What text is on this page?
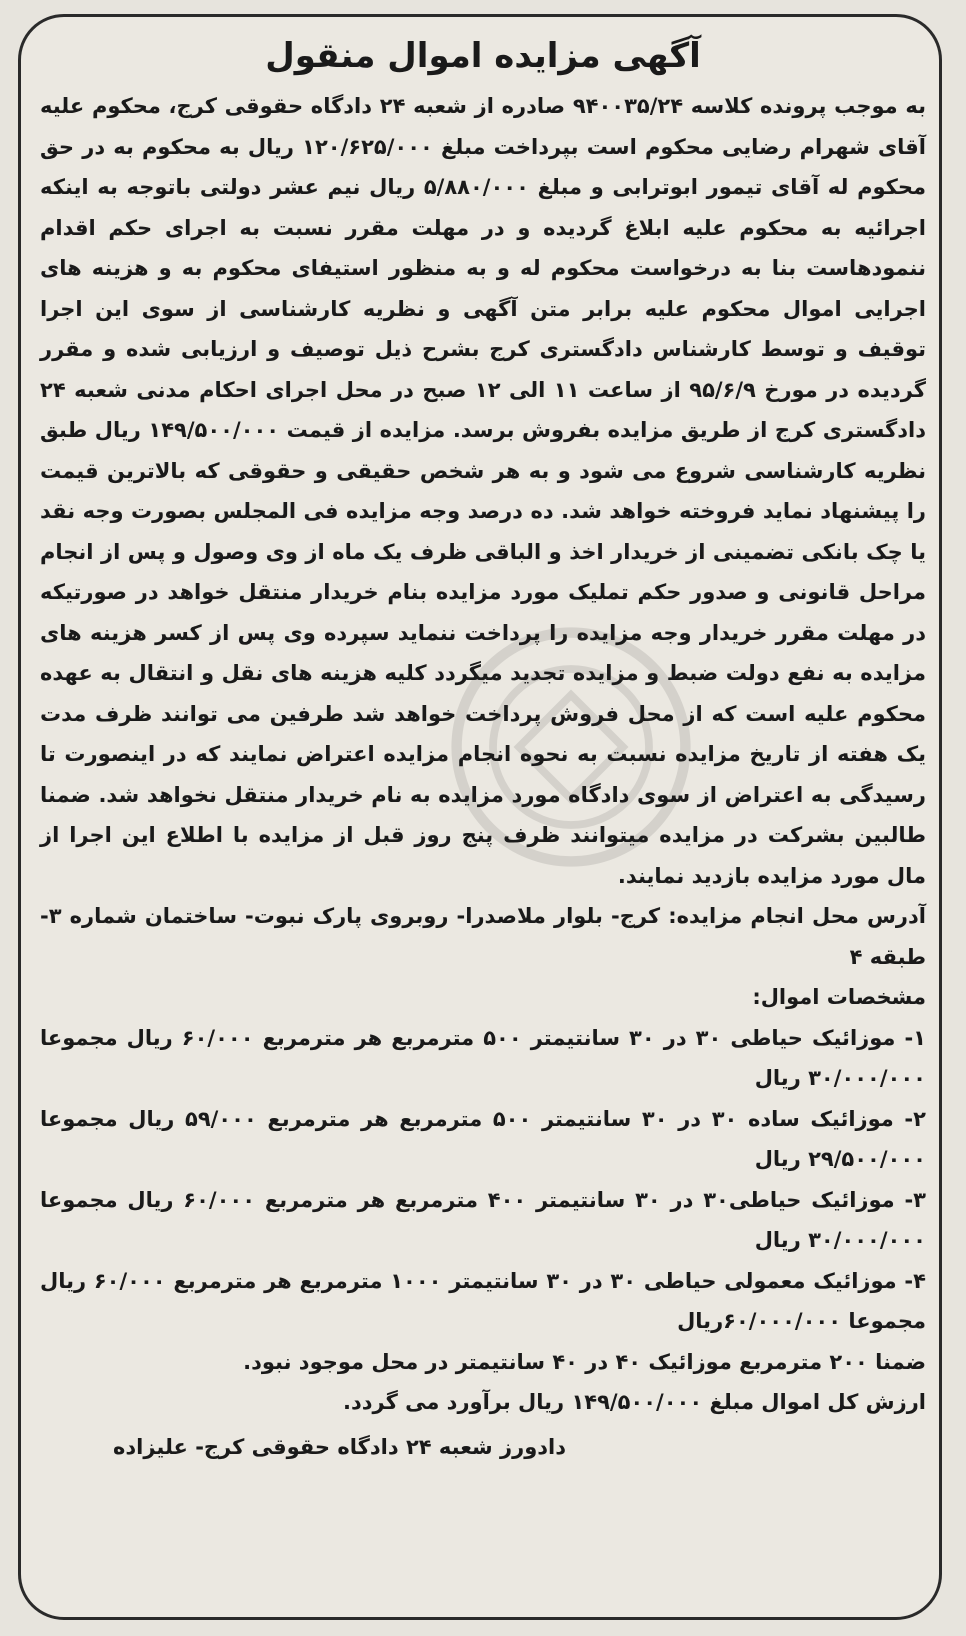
آگهی مزایده اموال منقول

به موجب پرونده کلاسه ۹۴۰۰۳۵/۲۴ صادره از شعبه ۲۴ دادگاه حقوقی کرج، محکوم علیه آقای شهرام رضایی محکوم است بپرداخت مبلغ ۱۲۰/۶۲۵/۰۰۰ ریال به محکوم به در حق محکوم له آقای تیمور ابوترابی و مبلغ ۵/۸۸۰/۰۰۰ ریال نیم عشر دولتی باتوجه به اینکه اجرائیه به محکوم علیه ابلاغ گردیده و در مهلت مقرر نسبت به اجرای حکم اقدام ننمودهاست بنا به درخواست محکوم له و به منظور استیفای محکوم به و هزینه های اجرایی اموال محکوم علیه برابر متن آگهی و نظریه کارشناسی از سوی این اجرا توقیف و توسط کارشناس دادگستری کرج بشرح ذیل توصیف و ارزیابی شده و مقرر گردیده در مورخ ۹۵/۶/۹ از ساعت ۱۱ الی ۱۲ صبح در محل اجرای احکام مدنی شعبه ۲۴ دادگستری کرج از طریق مزایده بفروش برسد. مزایده از قیمت ۱۴۹/۵۰۰/۰۰۰ ریال طبق نظریه کارشناسی شروع می شود و به هر شخص حقیقی و حقوقی که بالاترین قیمت را پیشنهاد نماید فروخته خواهد شد. ده درصد وجه مزایده فی المجلس بصورت وجه نقد یا چک بانکی تضمینی از خریدار اخذ و الباقی ظرف یک ماه از وی وصول و پس از انجام مراحل قانونی و صدور حکم تملیک مورد مزایده بنام خریدار منتقل خواهد در صورتیکه در مهلت مقرر خریدار وجه مزایده را پرداخت ننماید سپرده وی پس از کسر هزینه های مزایده به نفع دولت ضبط و مزایده تجدید میگردد کلیه هزینه های نقل و انتقال به عهده محکوم علیه است که از محل فروش پرداخت خواهد شد طرفین می توانند ظرف مدت یک هفته از تاریخ مزایده نسبت به نحوه انجام مزایده اعتراض نمایند که در اینصورت تا رسیدگی به اعتراض از سوی دادگاه مورد مزایده به نام خریدار منتقل نخواهد شد. ضمنا طالبین بشرکت در مزایده میتوانند ظرف پنج روز قبل از مزایده با اطلاع این اجرا از مال مورد مزایده بازدید نمایند.

آدرس محل انجام مزایده: کرج- بلوار ملاصدرا- روبروی پارک نبوت- ساختمان شماره ۳- طبقه ۴

مشخصات اموال:

۱- موزائیک حیاطی ۳۰ در ۳۰ سانتیمتر ۵۰۰ مترمربع هر مترمربع ۶۰/۰۰۰ ریال مجموعا ۳۰/۰۰۰/۰۰۰ ریال
۲- موزائیک ساده ۳۰ در ۳۰ سانتیمتر ۵۰۰ مترمربع هر مترمربع ۵۹/۰۰۰ ریال مجموعا ۲۹/۵۰۰/۰۰۰ ریال
۳- موزائیک حیاطی۳۰ در ۳۰ سانتیمتر ۴۰۰ مترمربع هر مترمربع ۶۰/۰۰۰ ریال مجموعا ۳۰/۰۰۰/۰۰۰ ریال
۴- موزائیک معمولی حیاطی ۳۰ در ۳۰ سانتیمتر ۱۰۰۰ مترمربع هر مترمربع ۶۰/۰۰۰ ریال مجموعا ۶۰/۰۰۰/۰۰۰ریال

ضمنا ۲۰۰ مترمربع موزائیک ۴۰ در ۴۰ سانتیمتر در محل موجود نبود.

ارزش کل اموال مبلغ ۱۴۹/۵۰۰/۰۰۰ ریال برآورد می گردد.

دادورز شعبه ۲۴ دادگاه حقوقی کرج- علیزاده
